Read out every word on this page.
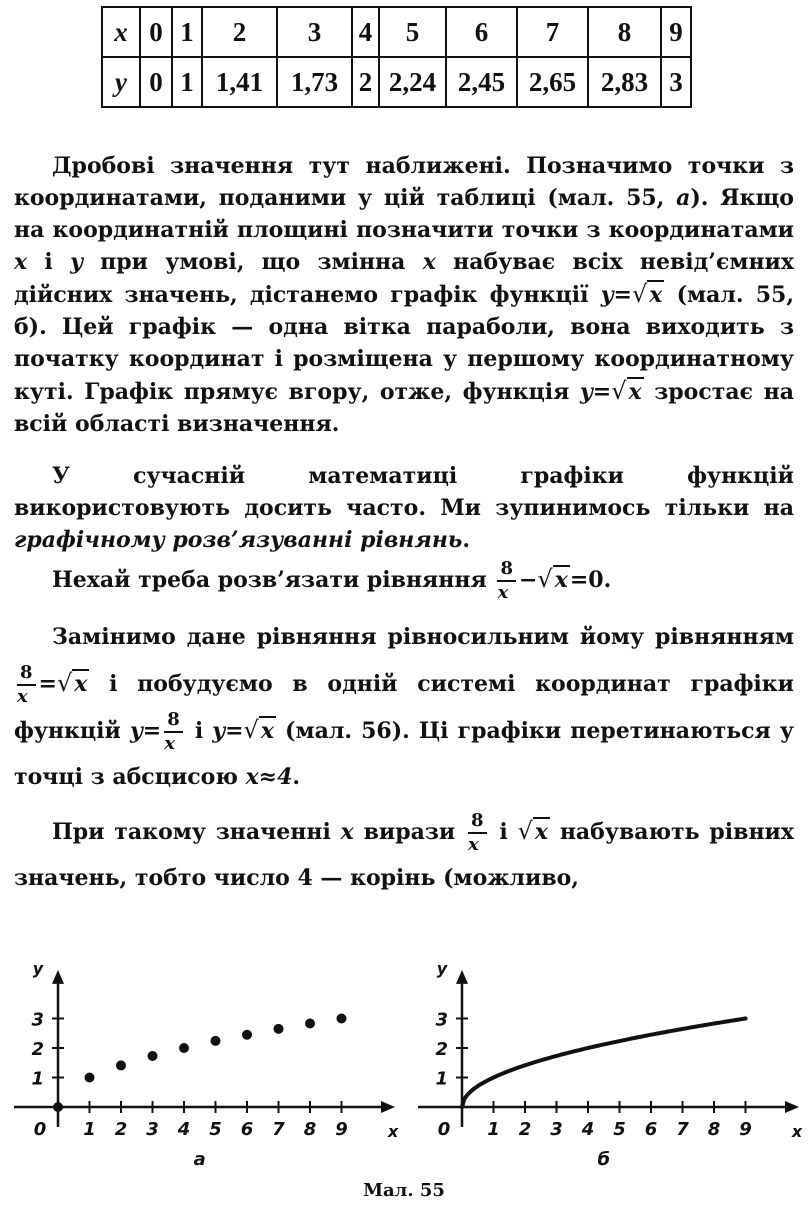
x	0	1	2	3	4	5	6	7	8	9
y	0	1	1,41	1,73	2	2,24	2,45	2,65	2,83	3

Дробові значення тут наближені. Позначимо точки з координатами, поданими у цій таблиці (мал. 55, а). Якщо на координатній площині позначити точки з координатами x і y при умові, що змінна x набуває всіх невід’ємних дійсних значень, дістанемо графік функції y=√x (мал. 55, б). Цей графік — одна вітка параболи, вона виходить з початку координат і розміщена у першому координатному куті. Графік прямує вгору, отже, функція y=√x зростає на всій області визначення.

У сучасній математиці графіки функцій використовують досить часто. Ми зупинимось тільки на графічному розв’язуванні рівнянь.

Нехай треба розв’язати рівняння $\frac{8}{x} -√x=0$.

Замінимо дане рівняння рівносильним йому рівнянням
$\frac{8}{x} =√x$ і побудуємо в одній системі координат графіки функцій $y= \frac{8}{x}$ і y=√x (мал. 56). Ці графіки перетинаються у точці з абсцисою x≈4.

При такому значенні x вирази $\frac{8}{x}$ і √x набувають рівних значень, тобто число 4 — корінь (можливо,

x
y
0 1 2 3 4 5 6 7 8 9
1
2
3
а
x
y
0 1 2 3 4 5 6 7 8 9
1
2
3
б
Мал. 55
